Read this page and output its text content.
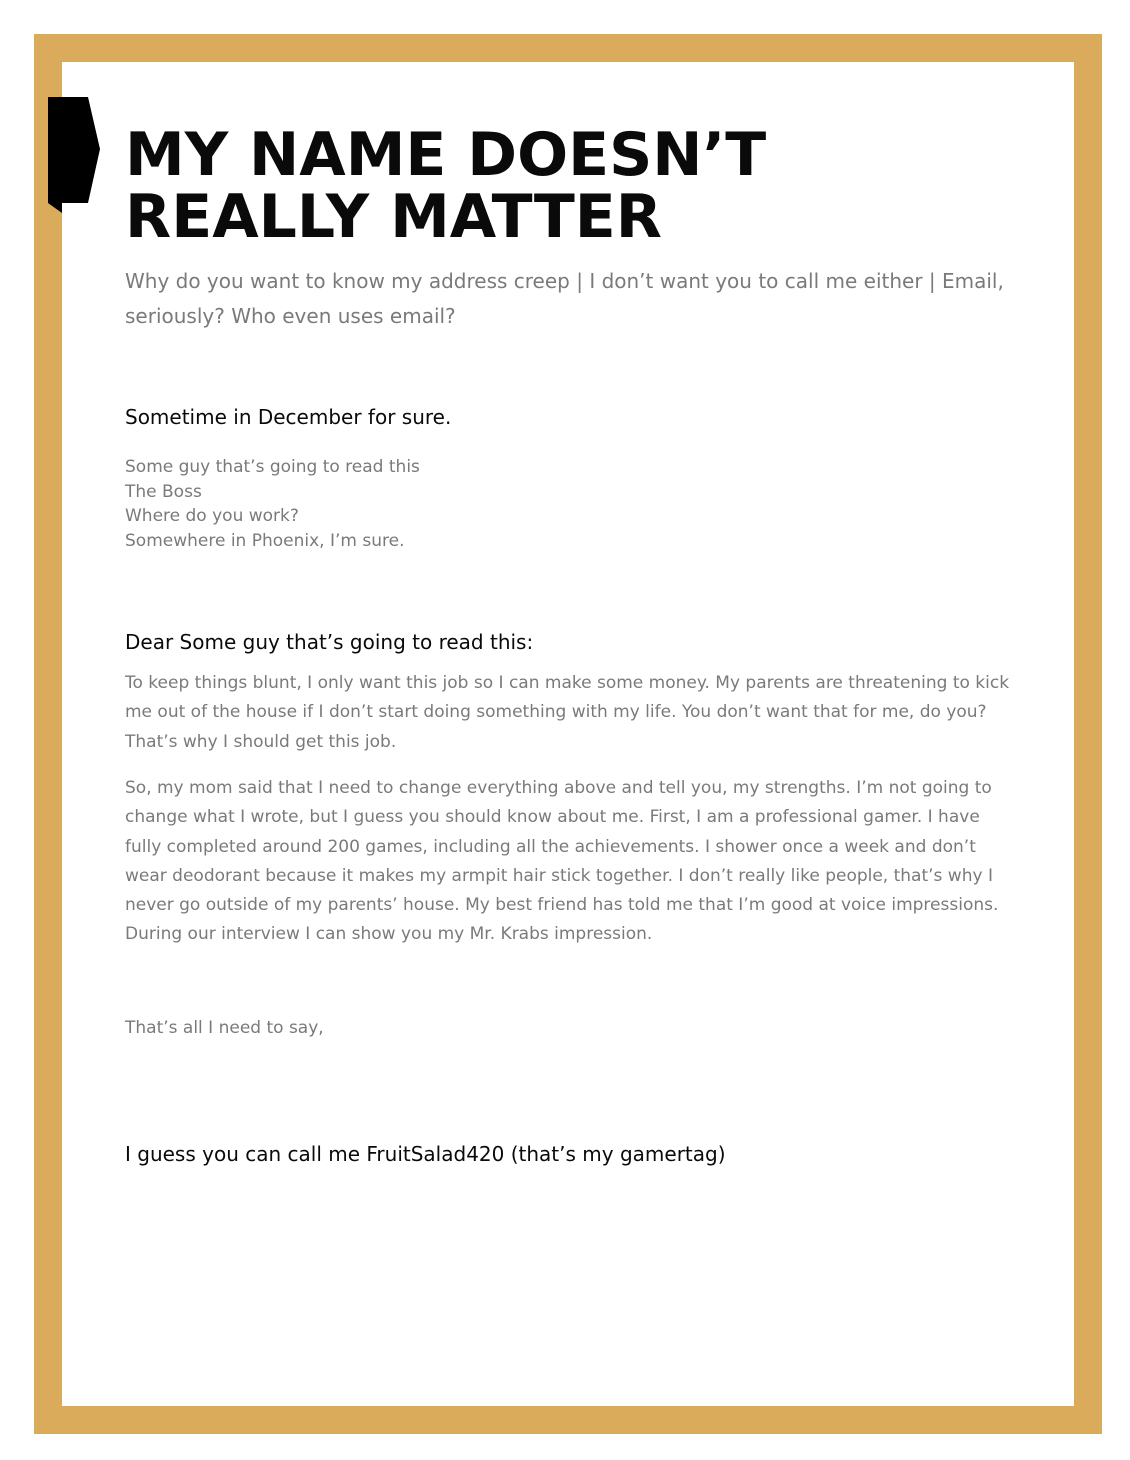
MY NAME DOESN’T
REALLY MATTER

Why do you want to know my address creep | I don’t want you to call me either | Email, seriously? Who even uses email?

Sometime in December for sure.

Some guy that’s going to read this
The Boss
Where do you work?
Somewhere in Phoenix, I’m sure.

Dear Some guy that’s going to read this:

To keep things blunt, I only want this job so I can make some money. My parents are threatening to kick me out of the house if I don’t start doing something with my life. You don’t want that for me, do you? That’s why I should get this job.

So, my mom said that I need to change everything above and tell you, my strengths. I’m not going to change what I wrote, but I guess you should know about me. First, I am a professional gamer. I have fully completed around 200 games, including all the achievements. I shower once a week and don’t wear deodorant because it makes my armpit hair stick together. I don’t really like people, that’s why I never go outside of my parents’ house. My best friend has told me that I’m good at voice impressions. During our interview I can show you my Mr. Krabs impression.

That’s all I need to say,

I guess you can call me FruitSalad420 (that’s my gamertag)
